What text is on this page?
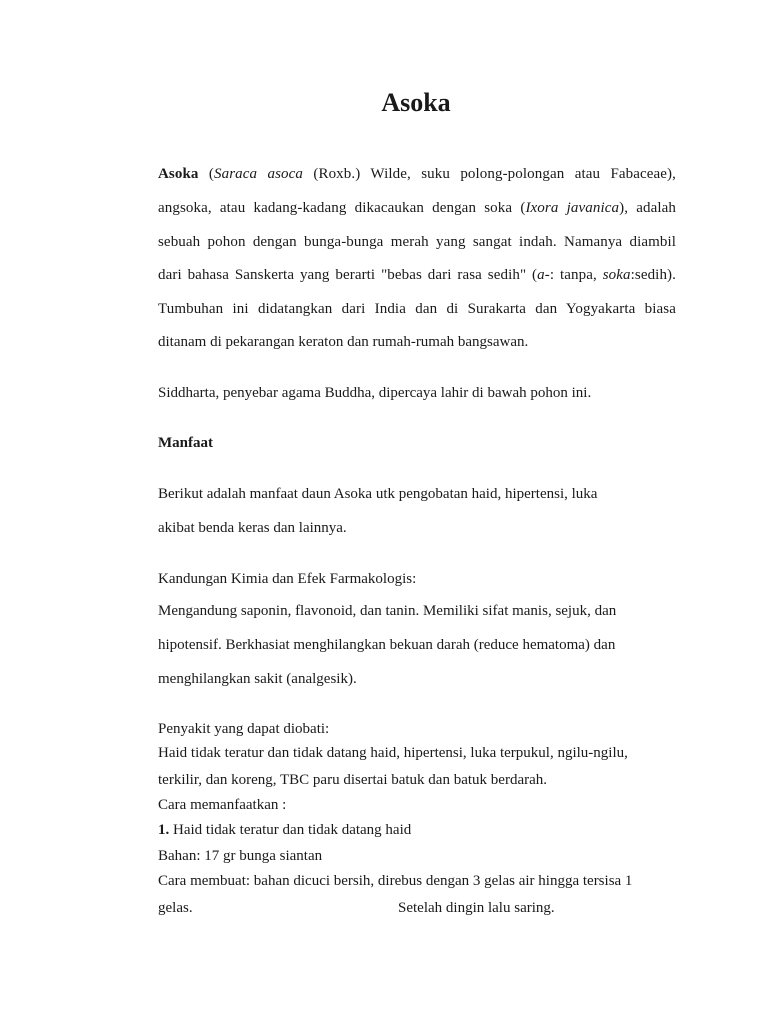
Asoka
Asoka (Saraca asoca (Roxb.) Wilde, suku polong-polongan atau Fabaceae),
angsoka, atau kadang-kadang dikacaukan dengan soka (Ixora javanica), adalah
sebuah pohon dengan bunga-bunga merah yang sangat indah. Namanya diambil
dari bahasa Sanskerta yang berarti "bebas dari rasa sedih" (a-: tanpa, soka:sedih).
Tumbuhan ini didatangkan dari India dan di Surakarta dan Yogyakarta biasa
ditanam di pekarangan keraton dan rumah-rumah bangsawan.
Siddharta, penyebar agama Buddha, dipercaya lahir di bawah pohon ini.
Manfaat
Berikut adalah manfaat daun Asoka utk pengobatan haid, hipertensi, luka
akibat benda keras dan lainnya.
Kandungan Kimia dan Efek Farmakologis:
Mengandung saponin, flavonoid, dan tanin. Memiliki sifat manis, sejuk, dan
hipotensif. Berkhasiat menghilangkan bekuan darah (reduce hematoma) dan
menghilangkan sakit (analgesik).
Penyakit yang dapat diobati:
Haid tidak teratur dan tidak datang haid, hipertensi, luka terpukul, ngilu-ngilu,
terkilir, dan koreng, TBC paru disertai batuk dan batuk berdarah.
Cara memanfaatkan :
1. Haid tidak teratur dan tidak datang haid
Bahan: 17 gr bunga siantan
Cara membuat: bahan dicuci bersih, direbus dengan 3 gelas air hingga tersisa 1
gelas.	Setelah dingin lalu saring.
